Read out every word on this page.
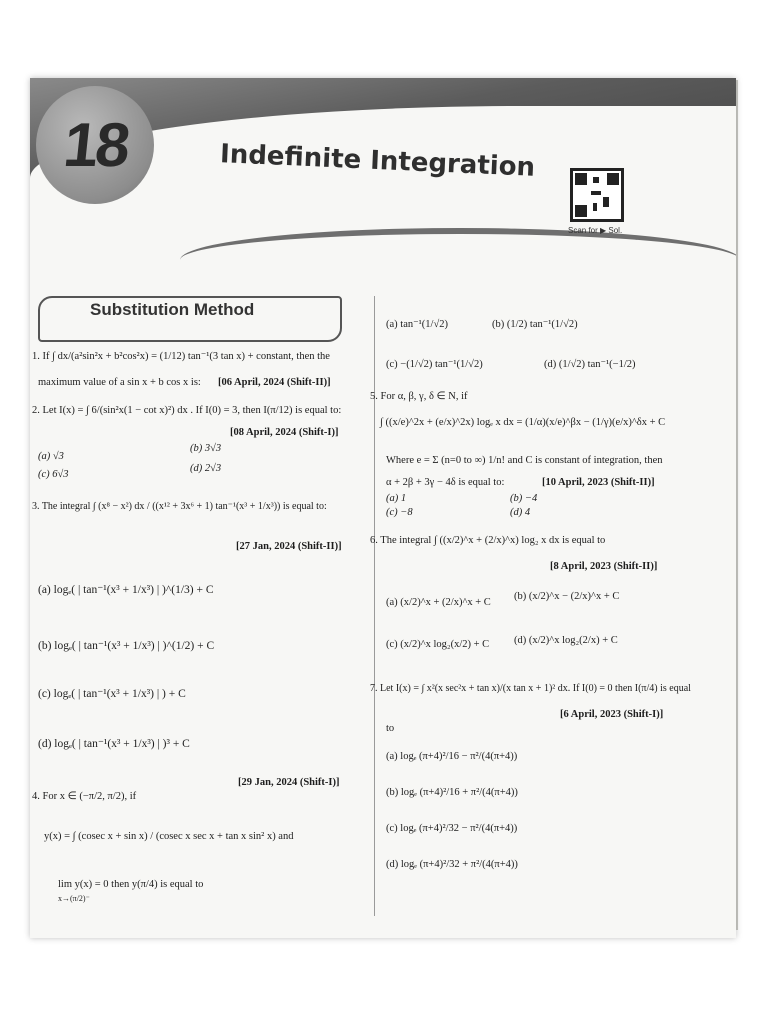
18	Indefinite Integration
Scan for ▶ Sol.
Substitution Method
1. If ∫ dx/(a²sin²x + b²cos²x) = (1/12) tan⁻¹(3 tan x) + constant, then the
maximum value of a sin x + b cos x is: [06 April, 2024 (Shift-II)]
2. Let I(x) = ∫ 6/(sin²x(1 − cot x)²) dx . If I(0) = 3, then I(π/12) is equal to:
[08 April, 2024 (Shift-I)]
(a) √3
(b) 3√3
(c) 6√3
(d) 2√3
3. The integral ∫ (x⁸ − x²) dx / ((x¹² + 3x⁶ + 1) tan⁻¹(x³ + 1/x³)) is equal to:
[27 Jan, 2024 (Shift-II)]
(a) logₑ( | tan⁻¹(x³ + 1/x³) | )^(1/3) + C
(b) logₑ( | tan⁻¹(x³ + 1/x³) | )^(1/2) + C
(c) logₑ( | tan⁻¹(x³ + 1/x³) | ) + C
(d) logₑ( | tan⁻¹(x³ + 1/x³) | )³ + C
4. For x ∈ (−π/2, π/2), if
[29 Jan, 2024 (Shift-I)]
y(x) = ∫ (cosec x + sin x) / (cosec x sec x + tan x sin² x) and
lim y(x) = 0 then y(π/4) is equal to
x→(π/2)⁻
(a) tan⁻¹(1/√2)	(b) (1/2) tan⁻¹(1/√2)
(c) −(1/√2) tan⁻¹(1/√2)	(d) (1/√2) tan⁻¹(−1/2)
5. For α, β, γ, δ ∈ N, if
∫ ((x/e)^2x + (e/x)^2x) logₑ x dx = (1/α)(x/e)^βx − (1/γ)(e/x)^δx + C
Where e = Σ (n=0 to ∞) 1/n! and C is constant of integration, then
α + 2β + 3γ − 4δ is equal to:	[10 April, 2023 (Shift-II)]
(a) 1	(b) −4
(c) −8	(d) 4
6. The integral ∫ ((x/2)^x + (2/x)^x) log₂ x dx is equal to
[8 April, 2023 (Shift-II)]
(a) (x/2)^x + (2/x)^x + C
(b) (x/2)^x − (2/x)^x + C
(c) (x/2)^x log₂(x/2) + C (d) (x/2)^x log₂(2/x) + C
7. Let I(x) = ∫ x²(x sec²x + tan x)/(x tan x + 1)² dx. If I(0) = 0 then I(π/4) is equal
to
[6 April, 2023 (Shift-I)]
(a) logₑ (π+4)²/16 − π²/(4(π+4))
(b) logₑ (π+4)²/16 + π²/(4(π+4))
(c) logₑ (π+4)²/32 − π²/(4(π+4))
(d) logₑ (π+4)²/32 + π²/(4(π+4))
